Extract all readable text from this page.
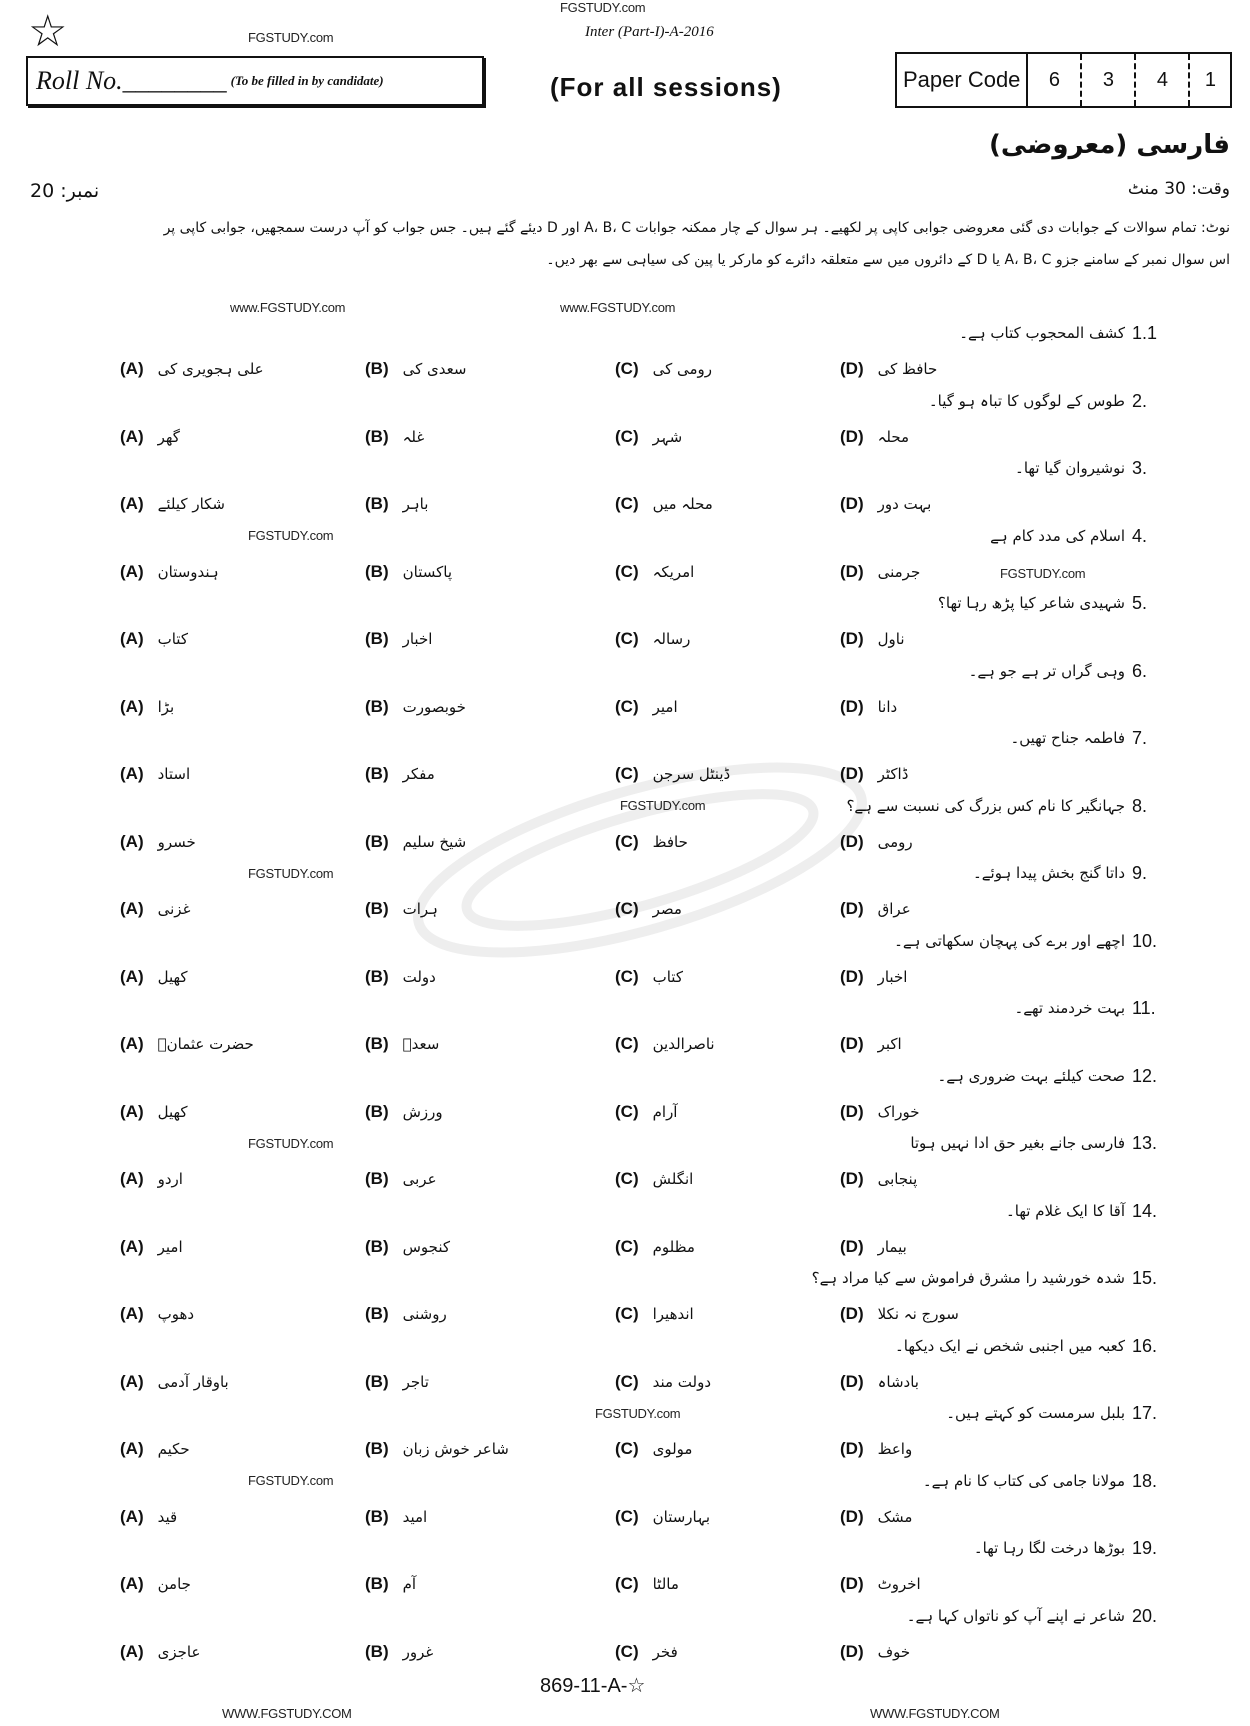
☆	FGSTUDY.com
FGSTUDY.com	Inter (Part-I)-A-2016
Roll No.________ (To be filled in by candidate)	(For all sessions)	Paper Code	6	3	4	1
فارسی (معروضی)
وقت: 30 منٹ
نمبر: 20
نوٹ: تمام سوالات کے جوابات دی گئی معروضی جوابی کاپی پر لکھیے۔ ہر سوال کے چار ممکنہ جوابات A، B، C اور D دیئے گئے ہیں۔ جس جواب کو آپ درست سمجھیں، جوابی کاپی پر اس سوال نمبر کے سامنے جزو A، B، C یا D کے دائروں میں سے متعلقہ دائرے کو مارکر یا پین کی سیاہی سے بھر دیں۔
www.FGSTUDY.com	www.FGSTUDY.com
FGSTUDY.com
FGSTUDY.com
FGSTUDY.com
FGSTUDY.com
FGSTUDY.com
FGSTUDY.com
FGSTUDY.com
WWW.FGSTUDY.COM	WWW.FGSTUDY.COM
1.1
کشف المحجوب کتاب ہے۔
(A) علی ہجویری کی	(B) سعدی کی	(C) رومی کی	(D) حافظ کی
2.
طوس کے لوگوں کا تباہ ہو گیا۔
(A) گھر	(B) غلہ	(C) شہر	(D) محلہ
3.
نوشیروان گیا تھا۔
(A) شکار کیلئے	(B) باہر	(C) محلہ میں	(D) بہت دور
4.
اسلام کی مدد کام ہے
(A) ہندوستان	(B) پاکستان	(C) امریکہ	(D) جرمنی
5.
شہیدی شاعر کیا پڑھ رہا تھا؟
(A) کتاب	(B) اخبار	(C) رسالہ	(D) ناول
6.
وہی گراں تر ہے جو ہے۔
(A) بڑا	(B) خوبصورت	(C) امیر	(D) دانا
7.
فاطمہ جناح تھیں۔
(A) استاد	(B) مفکر	(C) ڈینٹل سرجن	(D) ڈاکٹر
8.
جہانگیر کا نام کس بزرگ کی نسبت سے ہے؟
(A) خسرو	(B) شیخ سلیم	(C) حافظ	(D) رومی
9.
داتا گنج بخش پیدا ہوئے۔
(A) غزنی	(B) ہرات	(C) مصر	(D) عراق
10.
اچھے اور برے کی پہچان سکھاتی ہے۔
(A) کھیل	(B) دولت	(C) کتاب	(D) اخبار
11.
بہت خردمند تھے۔
(A) حضرت عثمانؓ	(B) سعدؒ	(C) ناصرالدین	(D) اکبر
12.
صحت کیلئے بہت ضروری ہے۔
(A) کھیل	(B) ورزش	(C) آرام	(D) خوراک
13.
فارسی جانے بغیر حق ادا نہیں ہوتا
(A) اردو	(B) عربی	(C) انگلش	(D) پنجابی
14.
آقا کا ایک غلام تھا۔
(A) امیر	(B) کنجوس	(C) مظلوم	(D) بیمار
15.
شدہ خورشید را مشرق فراموش سے کیا مراد ہے؟
(A) دھوپ	(B) روشنی	(C) اندھیرا	(D) سورج نہ نکلا
16.
کعبہ میں اجنبی شخص نے ایک دیکھا۔
(A) باوقار آدمی	(B) تاجر	(C) دولت مند	(D) بادشاہ
17.
بلبل سرمست کو کہتے ہیں۔
(A) حکیم	(B) شاعر خوش زبان	(C) مولوی	(D) واعظ
18.
مولانا جامی کی کتاب کا نام ہے۔
(A) قید	(B) امید	(C) بہارستان	(D) مشک
19.
بوڑھا درخت لگا رہا تھا۔
(A) جامن	(B) آم	(C) مالٹا	(D) اخروٹ
20.
شاعر نے اپنے آپ کو ناتواں کہا ہے۔
(A) عاجزی	(B) غرور	(C) فخر	(D) خوف
869-11-A-☆
